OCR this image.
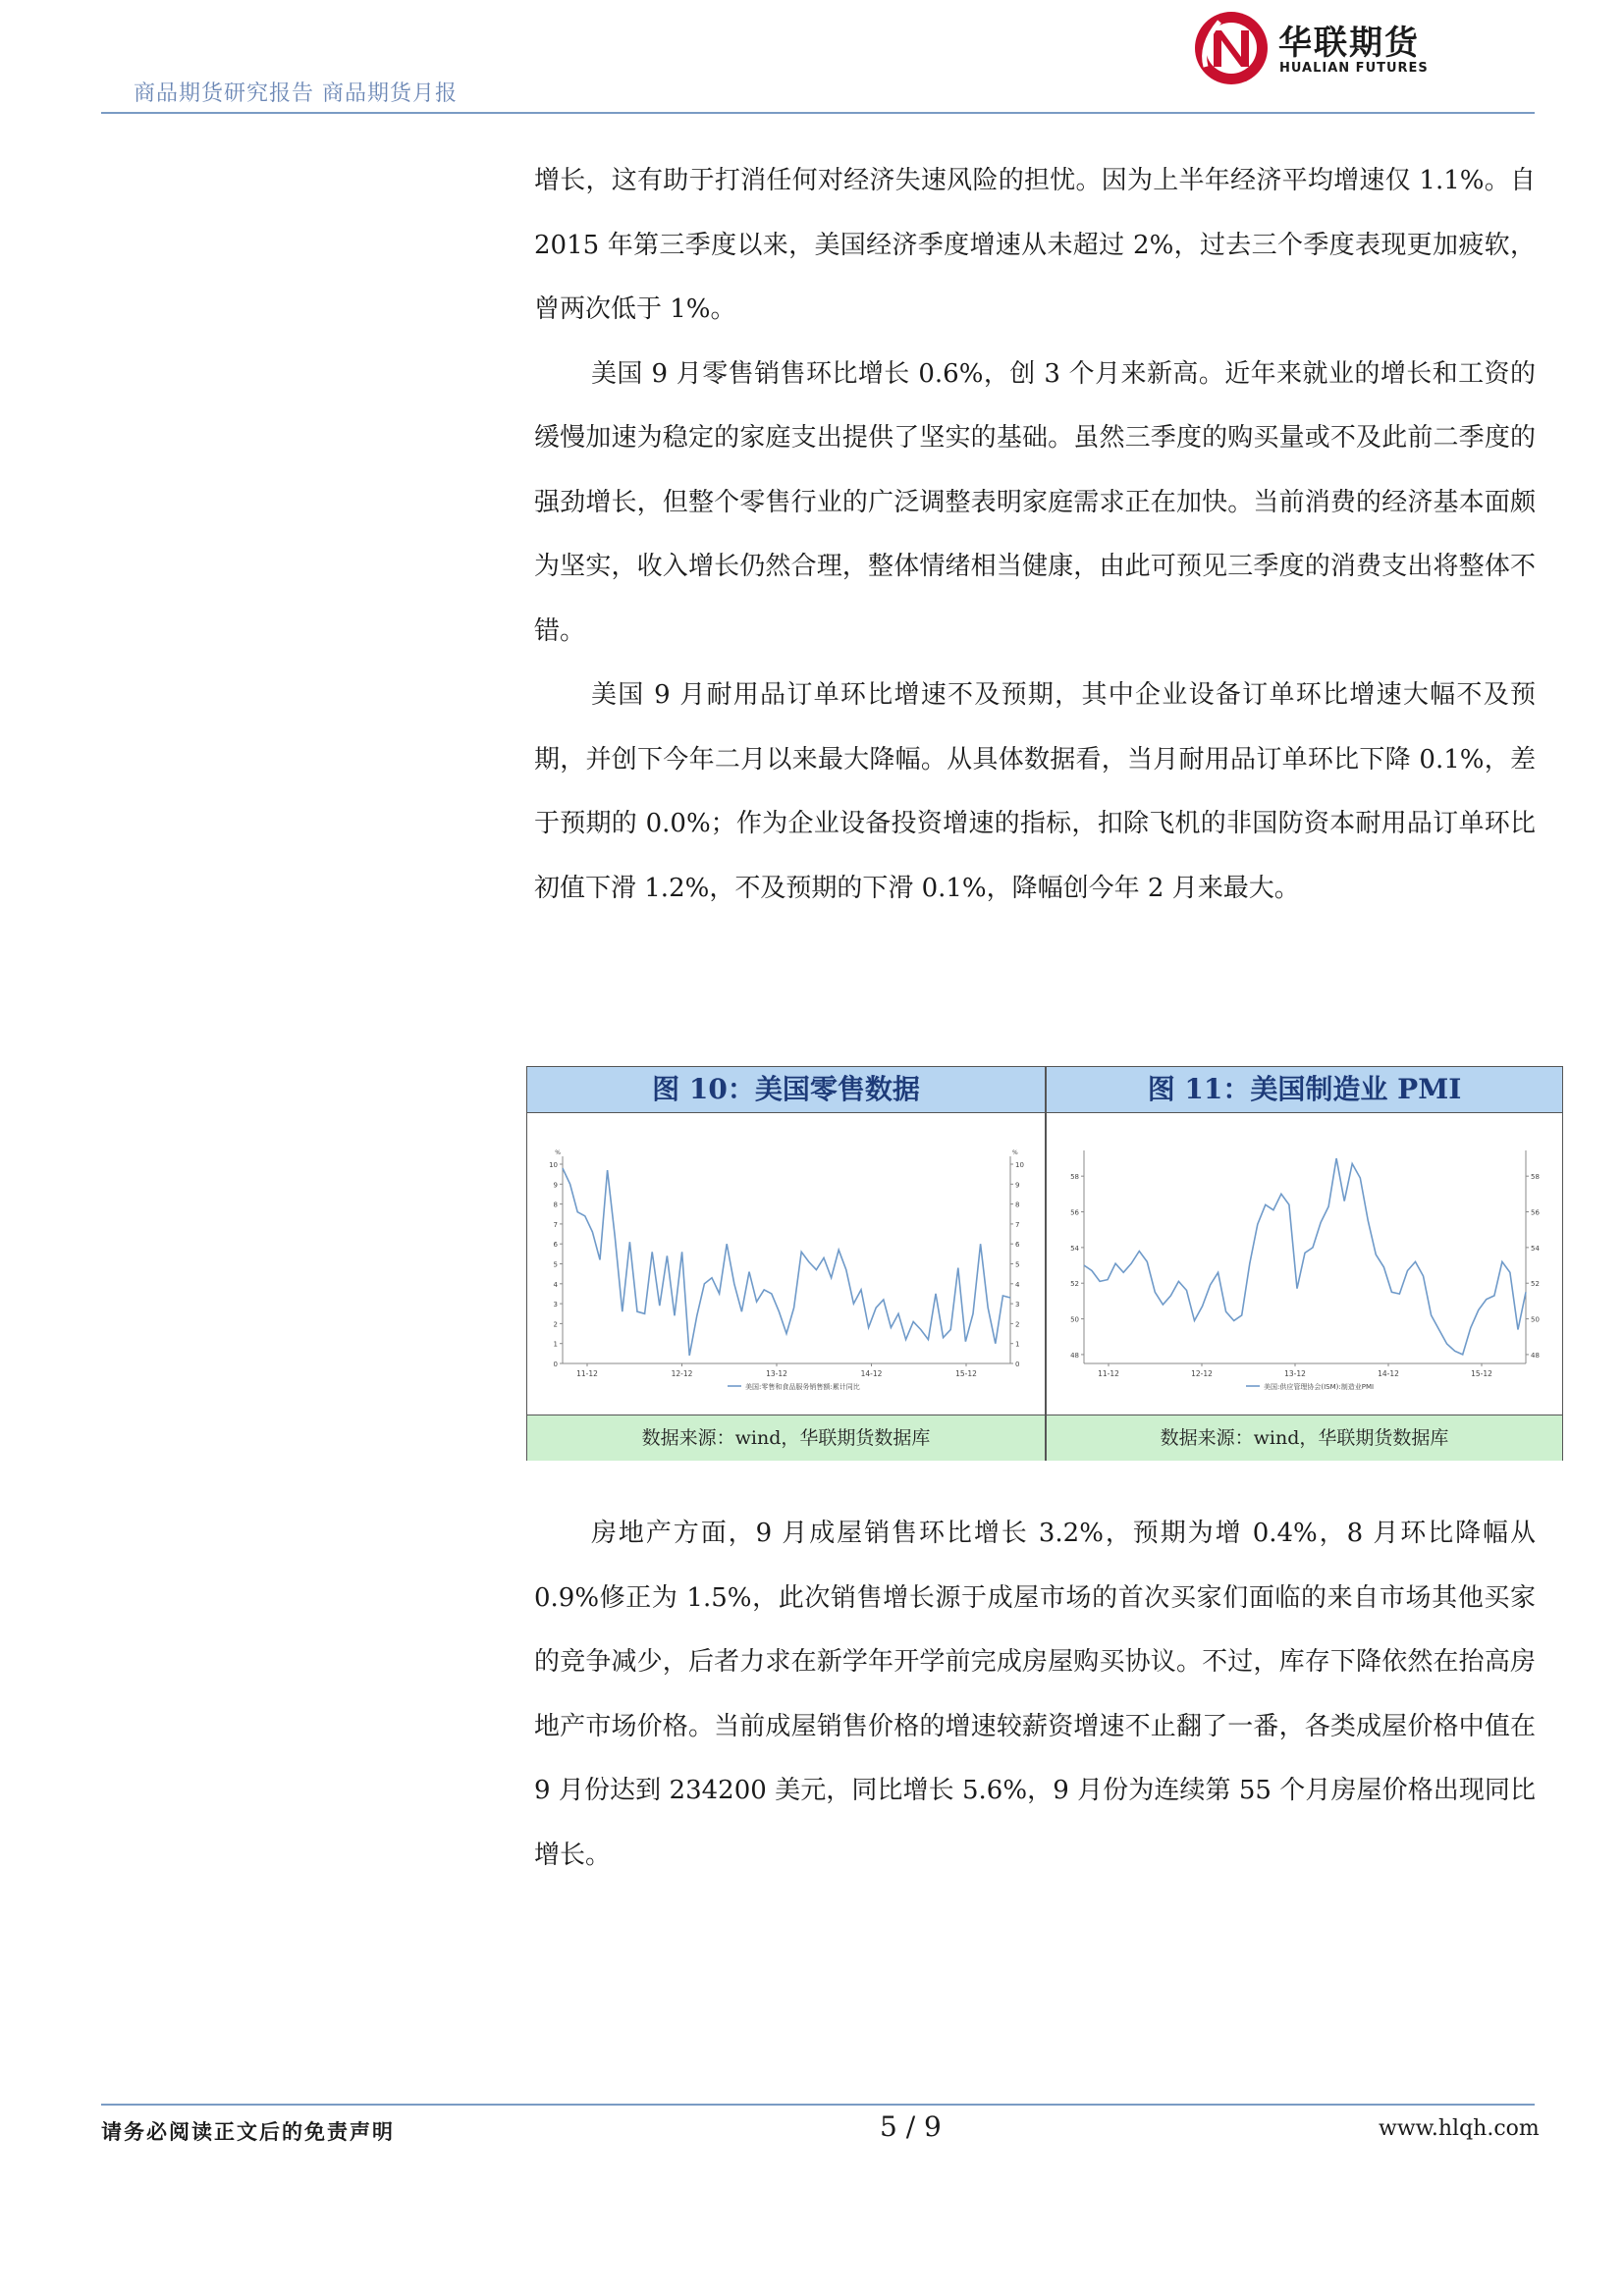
商品期货研究报告 商品期货月报
华联期货
HUALIAN FUTURES

增长，这有助于打消任何对经济失速风险的担忧。因为上半年经济平均增速仅 1.1%。自 2015 年第三季度以来，美国经济季度增速从未超过 2%，过去三个季度表现更加疲软，曾两次低于 1%。

美国 9 月零售销售环比增长 0.6%，创 3 个月来新高。近年来就业的增长和工资的缓慢加速为稳定的家庭支出提供了坚实的基础。虽然三季度的购买量或不及此前二季度的强劲增长，但整个零售行业的广泛调整表明家庭需求正在加快。当前消费的经济基本面颇为坚实，收入增长仍然合理，整体情绪相当健康，由此可预见三季度的消费支出将整体不错。

美国 9 月耐用品订单环比增速不及预期，其中企业设备订单环比增速大幅不及预期，并创下今年二月以来最大降幅。从具体数据看，当月耐用品订单环比下降 0.1%，差于预期的 0.0%；作为企业设备投资增速的指标，扣除飞机的非国防资本耐用品订单环比初值下滑 1.2%，不及预期的下滑 0.1%，降幅创今年 2 月来最大。

图 10：美国零售数据	图 11：美国制造业 PMI
0	0
1	1
2	2
3	3
4	4
5	5
6	6
7	7
8	8
9	9
10	10
%	%
11-12	12-12	13-12	14-12	15-12
美国:零售和食品服务销售额:累计同比
48	48
50	50
52	52
54	54
56	56
58	58
11-12	12-12	13-12	14-12	15-12
美国:供应管理协会(ISM):制造业PMI
数据来源：wind，华联期货数据库	数据来源：wind，华联期货数据库

房地产方面，9 月成屋销售环比增长 3.2%，预期为增 0.4%，8 月环比降幅从 0.9%修正为 1.5%，此次销售增长源于成屋市场的首次买家们面临的来自市场其他买家的竞争减少，后者力求在新学年开学前完成房屋购买协议。不过，库存下降依然在抬高房地产市场价格。当前成屋销售价格的增速较薪资增速不止翻了一番，各类成屋价格中值在 9 月份达到 234200 美元，同比增长 5.6%，9 月份为连续第 55 个月房屋价格出现同比增长。

请务必阅读正文后的免责声明	5 / 9	www.hlqh.com
